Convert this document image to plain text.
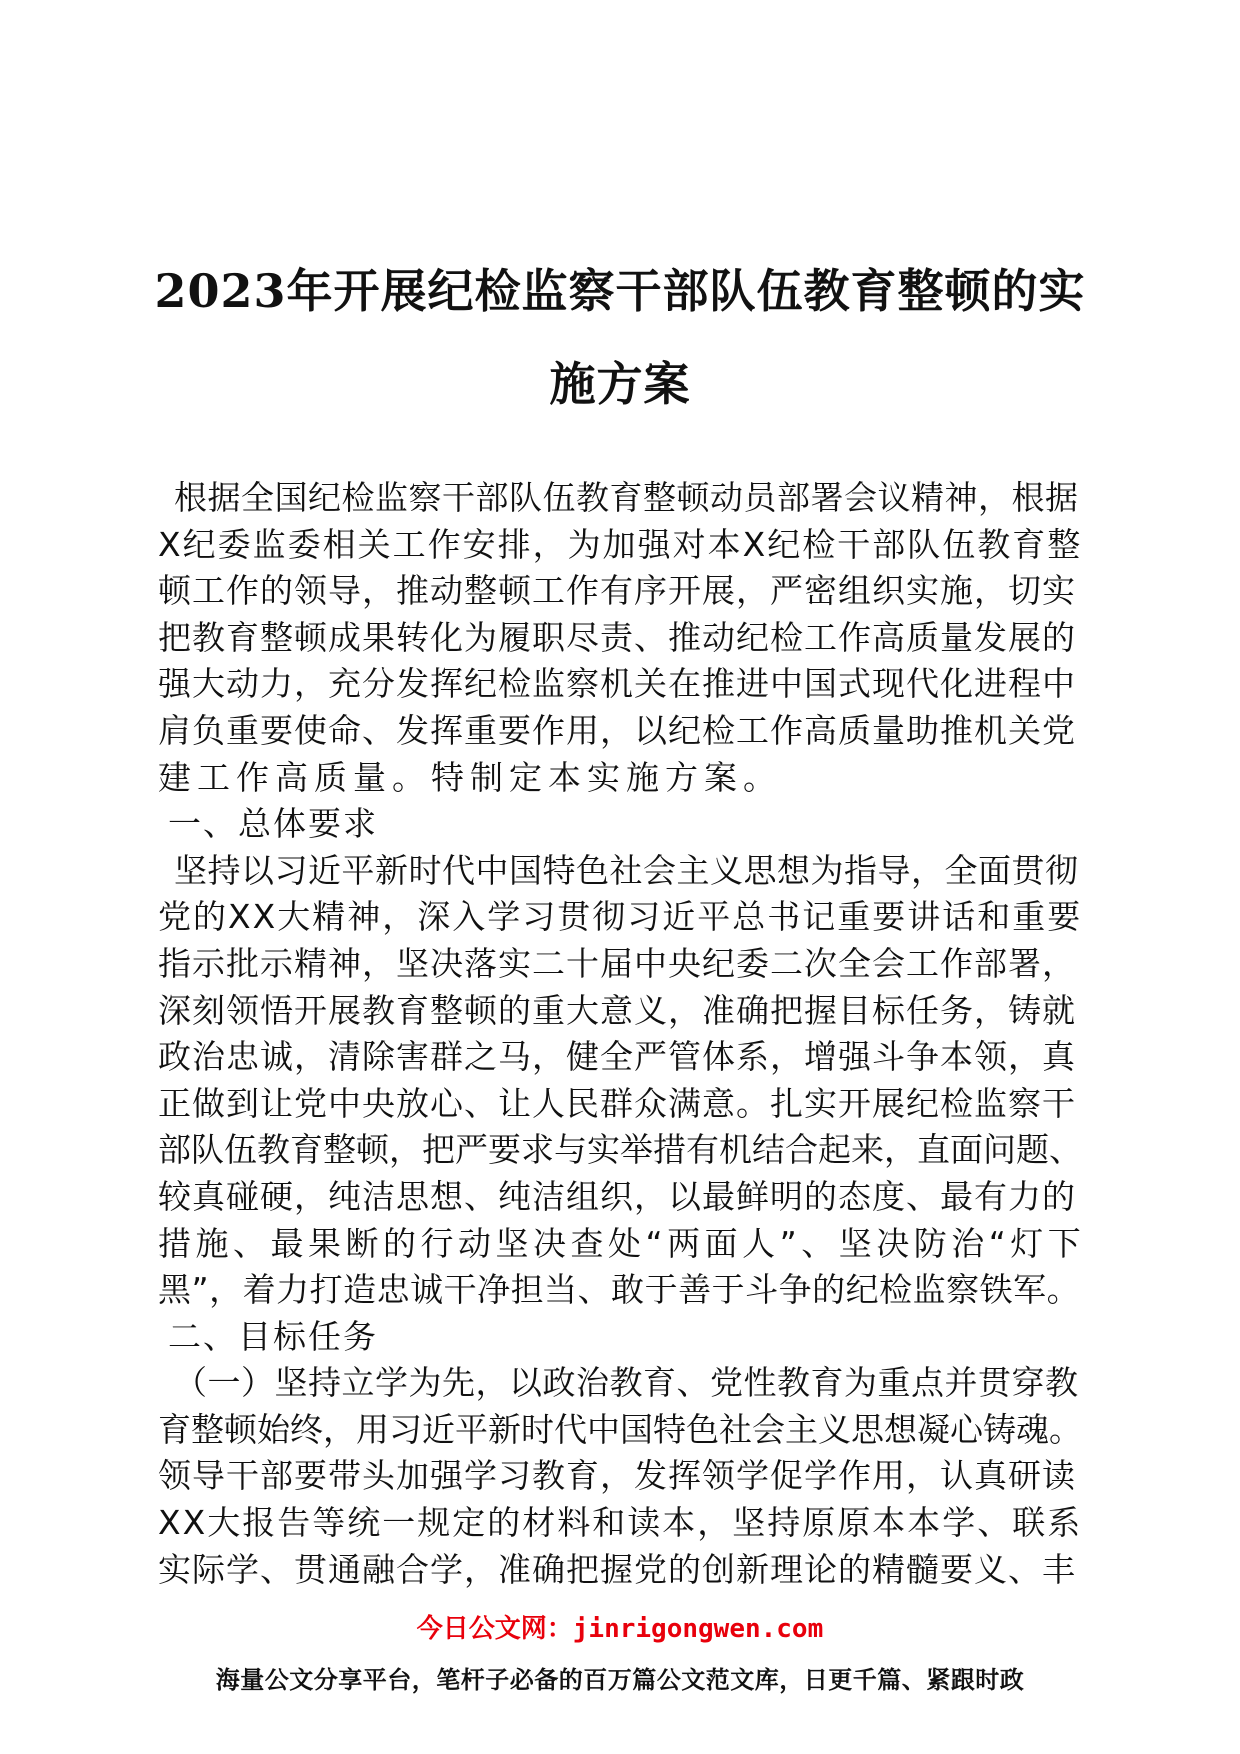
2023年开展纪检监察干部队伍教育整顿的实
施方案
根据全国纪检监察干部队伍教育整顿动员部署会议精神，根据
X纪委监委相关工作安排，为加强对本X纪检干部队伍教育整
顿工作的领导，推动整顿工作有序开展，严密组织实施，切实
把教育整顿成果转化为履职尽责、推动纪检工作高质量发展的
强大动力，充分发挥纪检监察机关在推进中国式现代化进程中
肩负重要使命、发挥重要作用，以纪检工作高质量助推机关党
建工作高质量。特制定本实施方案。
一、总体要求
坚持以习近平新时代中国特色社会主义思想为指导，全面贯彻
党的XX大精神，深入学习贯彻习近平总书记重要讲话和重要
指示批示精神，坚决落实二十届中央纪委二次全会工作部署，
深刻领悟开展教育整顿的重大意义，准确把握目标任务，铸就
政治忠诚，清除害群之马，健全严管体系，增强斗争本领，真
正做到让党中央放心、让人民群众满意。扎实开展纪检监察干
部队伍教育整顿，把严要求与实举措有机结合起来，直面问题、
较真碰硬，纯洁思想、纯洁组织，以最鲜明的态度、最有力的
措施、最果断的行动坚决查处“两面人”、坚决防治“灯下
黑”，着力打造忠诚干净担当、敢于善于斗争的纪检监察铁军。
二、目标任务
（一）坚持立学为先，以政治教育、党性教育为重点并贯穿教
育整顿始终，用习近平新时代中国特色社会主义思想凝心铸魂。
领导干部要带头加强学习教育，发挥领学促学作用，认真研读
XX大报告等统一规定的材料和读本，坚持原原本本学、联系
实际学、贯通融合学，准确把握党的创新理论的精髓要义、丰
今日公文网：jinrigongwen.com
海量公文分享平台，笔杆子必备的百万篇公文范文库，日更千篇、紧跟时政
